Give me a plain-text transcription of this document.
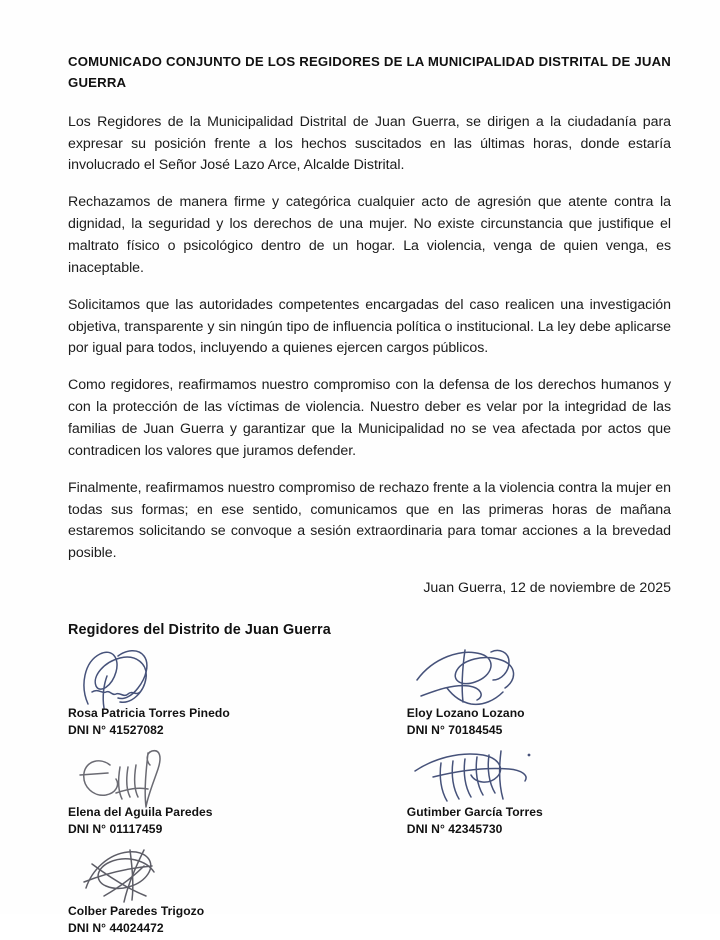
COMUNICADO CONJUNTO DE LOS REGIDORES DE LA MUNICIPALIDAD DISTRITAL DE JUAN GUERRA

Los Regidores de la Municipalidad Distrital de Juan Guerra, se dirigen a la ciudadanía para expresar su posición frente a los hechos suscitados en las últimas horas, donde estaría involucrado el Señor José Lazo Arce, Alcalde Distrital.

Rechazamos de manera firme y categórica cualquier acto de agresión que atente contra la dignidad, la seguridad y los derechos de una mujer. No existe circunstancia que justifique el maltrato físico o psicológico dentro de un hogar. La violencia, venga de quien venga, es inaceptable.

Solicitamos que las autoridades competentes encargadas del caso realicen una investigación objetiva, transparente y sin ningún tipo de influencia política o institucional. La ley debe aplicarse por igual para todos, incluyendo a quienes ejercen cargos públicos.

Como regidores, reafirmamos nuestro compromiso con la defensa de los derechos humanos y con la protección de las víctimas de violencia. Nuestro deber es velar por la integridad de las familias de Juan Guerra y garantizar que la Municipalidad no se vea afectada por actos que contradicen los valores que juramos defender.

Finalmente, reafirmamos nuestro compromiso de rechazo frente a la violencia contra la mujer en todas sus formas; en ese sentido, comunicamos que en las primeras horas de mañana estaremos solicitando se convoque a sesión extraordinaria para tomar acciones a la brevedad posible.

Juan Guerra, 12 de noviembre de 2025
Regidores del Distrito de Juan Guerra
Rosa Patricia Torres Pinedo
DNI N° 41527082
Eloy Lozano Lozano
DNI N° 70184545
Elena del Aguila Paredes
DNI N° 01117459
Gutimber García Torres
DNI N° 42345730
Colber Paredes Trigozo
DNI N° 44024472
